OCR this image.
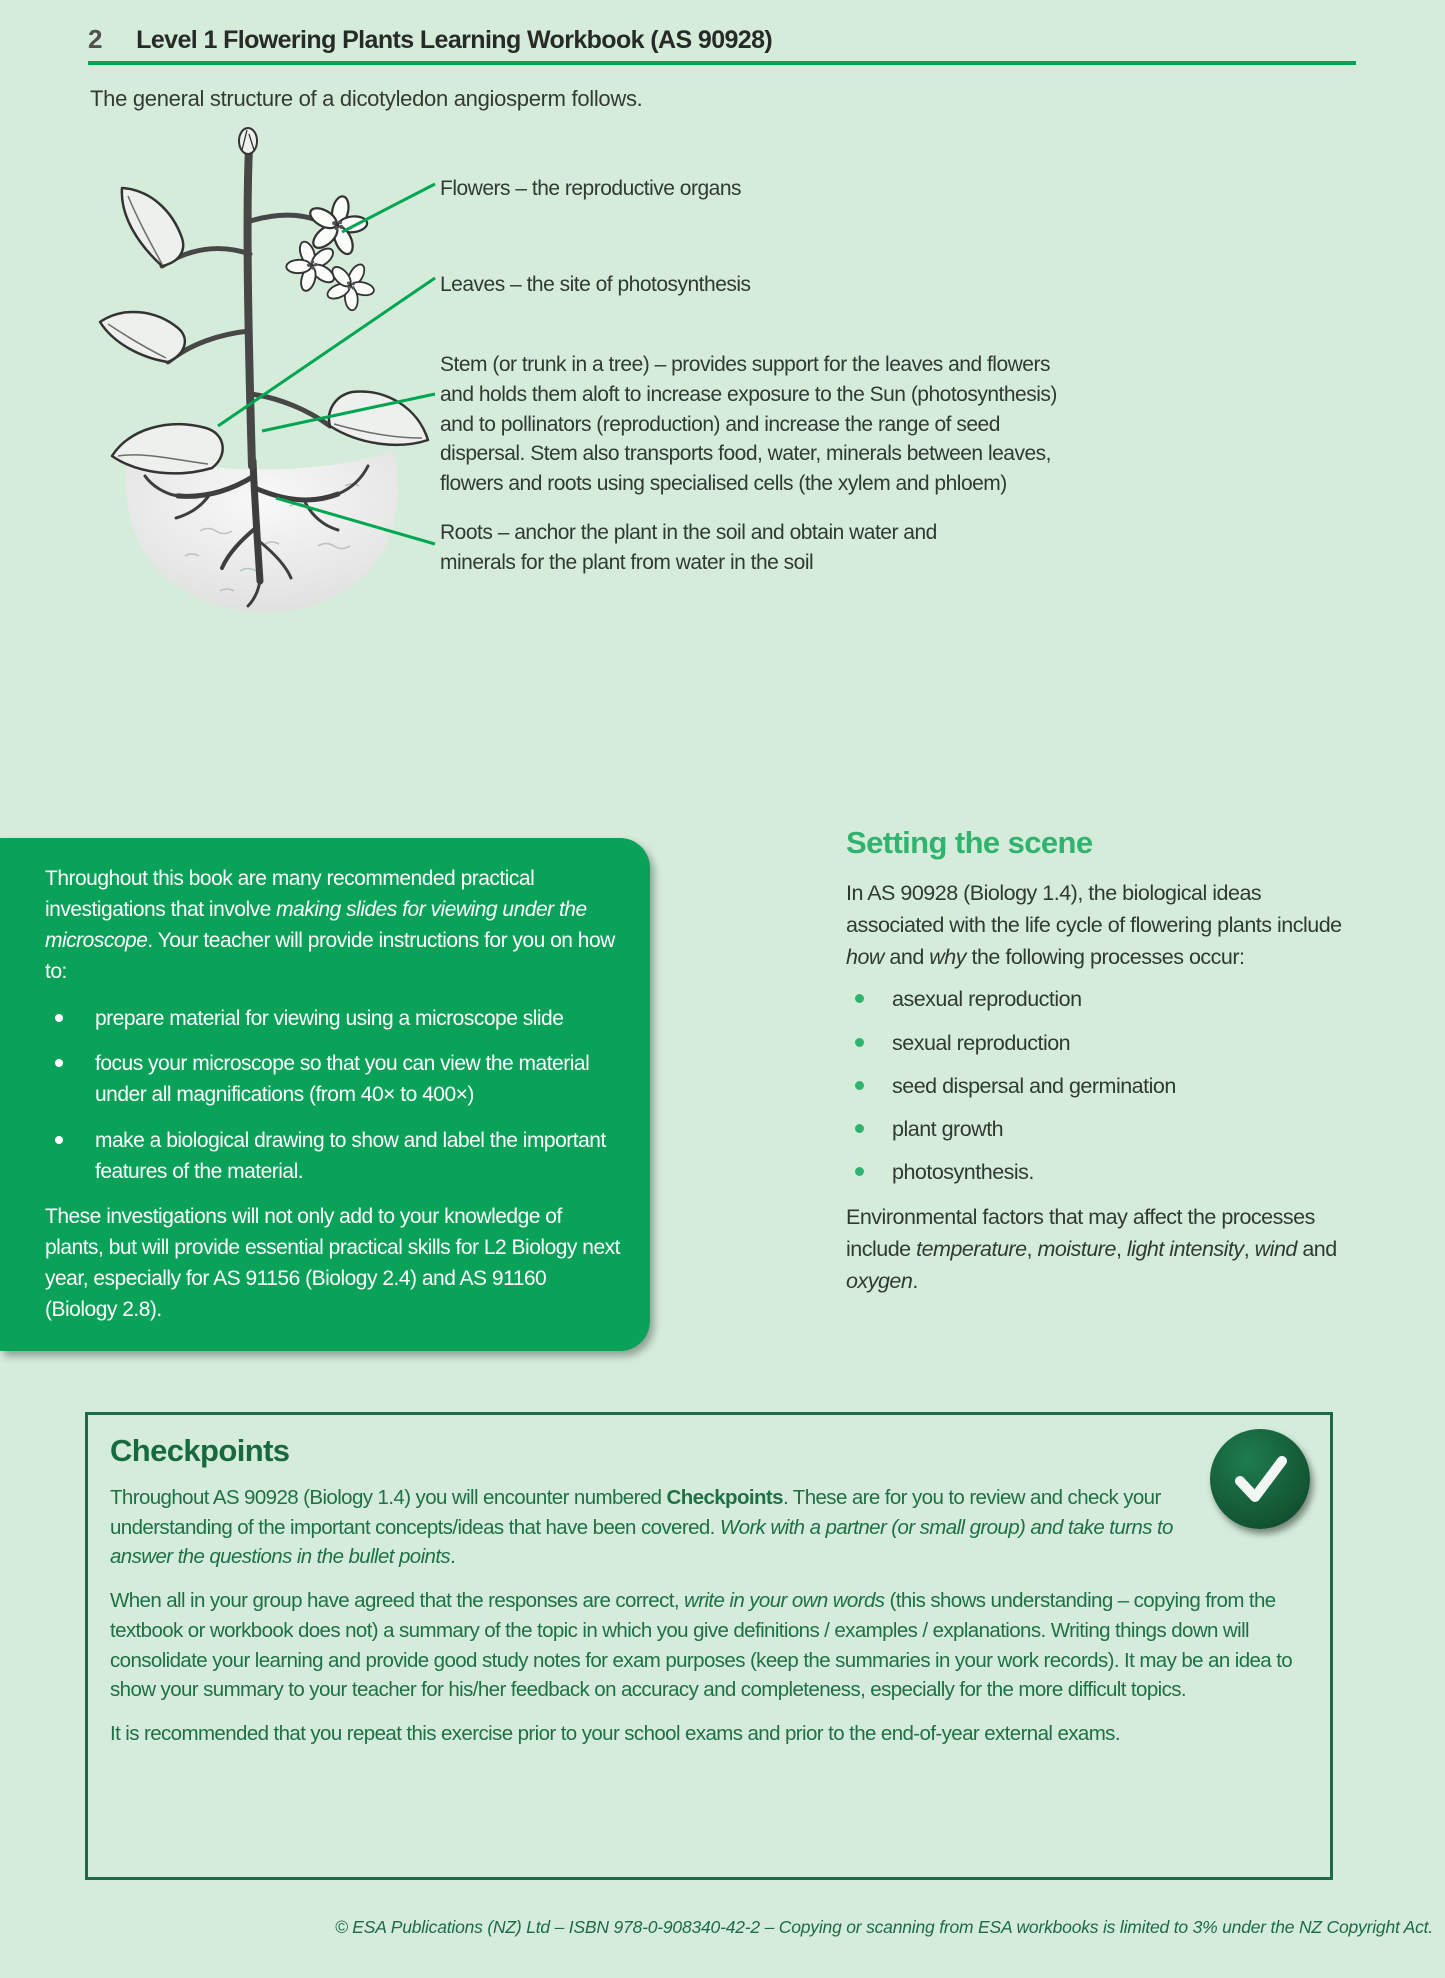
2 Level 1 Flowering Plants Learning Workbook (AS 90928)

The general structure of a dicotyledon angiosperm follows.

Flowers – the reproductive organs
Leaves – the site of photosynthesis
Stem (or trunk in a tree) – provides support for the leaves and flowers and holds them aloft to increase exposure to the Sun (photosynthesis) and to pollinators (reproduction) and increase the range of seed dispersal. Stem also transports food, water, minerals between leaves, flowers and roots using specialised cells (the xylem and phloem)
Roots – anchor the plant in the soil and obtain water and minerals for the plant from water in the soil

Throughout this book are many recommended practical investigations that involve making slides for viewing under the microscope. Your teacher will provide instructions for you on how to:

prepare material for viewing using a microscope slide
focus your microscope so that you can view the material under all magnifications (from 40× to 400×)
make a biological drawing to show and label the important features of the material.

These investigations will not only add to your knowledge of plants, but will provide essential practical skills for L2 Biology next year, especially for AS 91156 (Biology 2.4) and AS 91160 (Biology 2.8).

Setting the scene

In AS 90928 (Biology 1.4), the biological ideas associated with the life cycle of flowering plants include how and why the following processes occur:

asexual reproduction
sexual reproduction
seed dispersal and germination
plant growth
photosynthesis.

Environmental factors that may affect the processes include temperature, moisture, light intensity, wind and oxygen.

Checkpoints

Throughout AS 90928 (Biology 1.4) you will encounter numbered Checkpoints. These are for you to review and check your understanding of the important concepts/ideas that have been covered. Work with a partner (or small group) and take turns to answer the questions in the bullet points.

When all in your group have agreed that the responses are correct, write in your own words (this shows understanding – copying from the textbook or workbook does not) a summary of the topic in which you give definitions / examples / explanations. Writing things down will consolidate your learning and provide good study notes for exam purposes (keep the summaries in your work records). It may be an idea to show your summary to your teacher for his/her feedback on accuracy and completeness, especially for the more difficult topics.

It is recommended that you repeat this exercise prior to your school exams and prior to the end-of-year external exams.

© ESA Publications (NZ) Ltd – ISBN 978-0-908340-42-2 – Copying or scanning from ESA workbooks is limited to 3% under the NZ Copyright Act.
